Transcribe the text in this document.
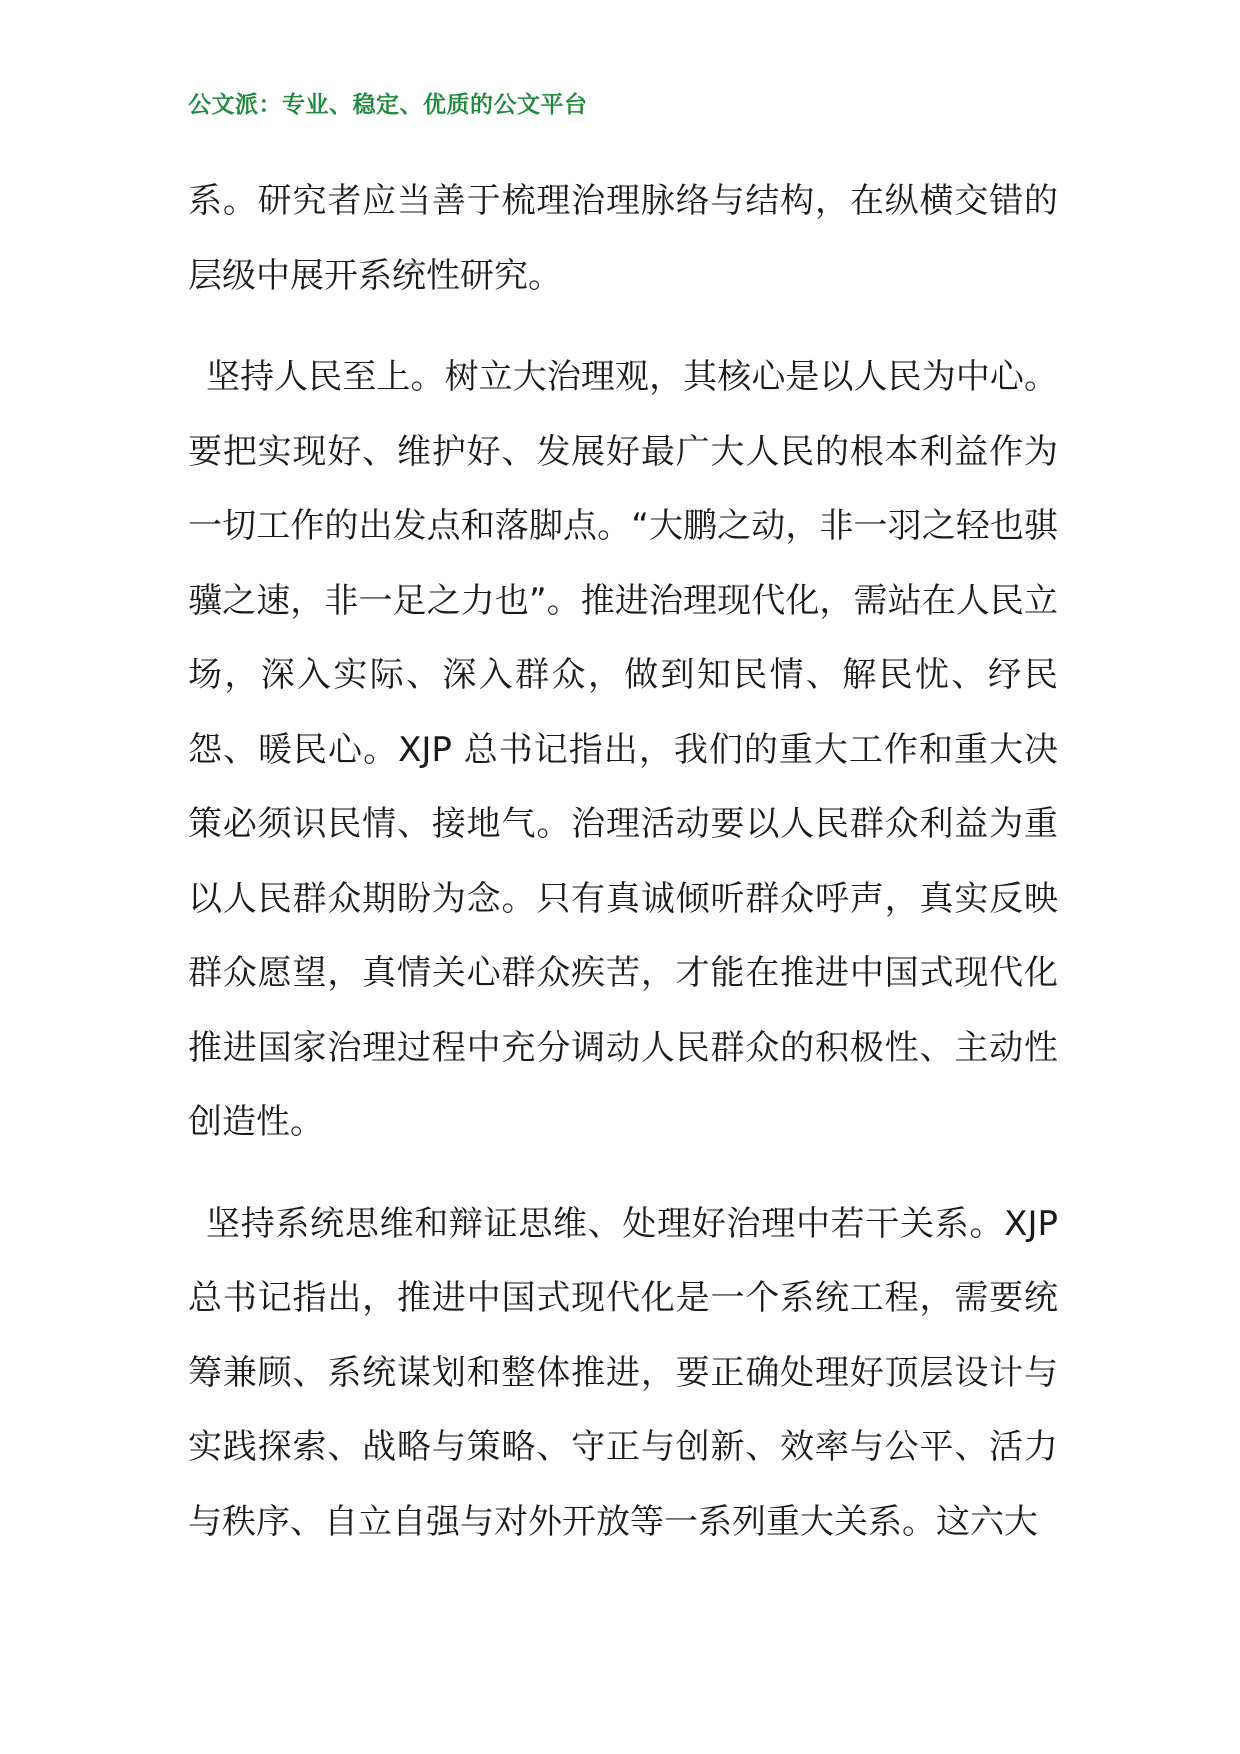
公文派：专业、稳定、优质的公文平台

系。研究者应当善于梳理治理脉络与结构，在纵横交错的层级中展开系统性研究。

坚持人民至上。树立大治理观，其核心是以人民为中心。要把实现好、维护好、发展好最广大人民的根本利益作为一切工作的出发点和落脚点。“大鹏之动，非一羽之轻也骐骥之速，非一足之力也”。推进治理现代化，需站在人民立场，深入实际、深入群众，做到知民情、解民忧、纾民怨、暖民心。XJP 总书记指出，我们的重大工作和重大决策必须识民情、接地气。治理活动要以人民群众利益为重以人民群众期盼为念。只有真诚倾听群众呼声，真实反映群众愿望，真情关心群众疾苦，才能在推进中国式现代化推进国家治理过程中充分调动人民群众的积极性、主动性创造性。

坚持系统思维和辩证思维、处理好治理中若干关系。XJP 总书记指出，推进中国式现代化是一个系统工程，需要统筹兼顾、系统谋划和整体推进，要正确处理好顶层设计与实践探索、战略与策略、守正与创新、效率与公平、活力与秩序、自立自强与对外开放等一系列重大关系。这六大
